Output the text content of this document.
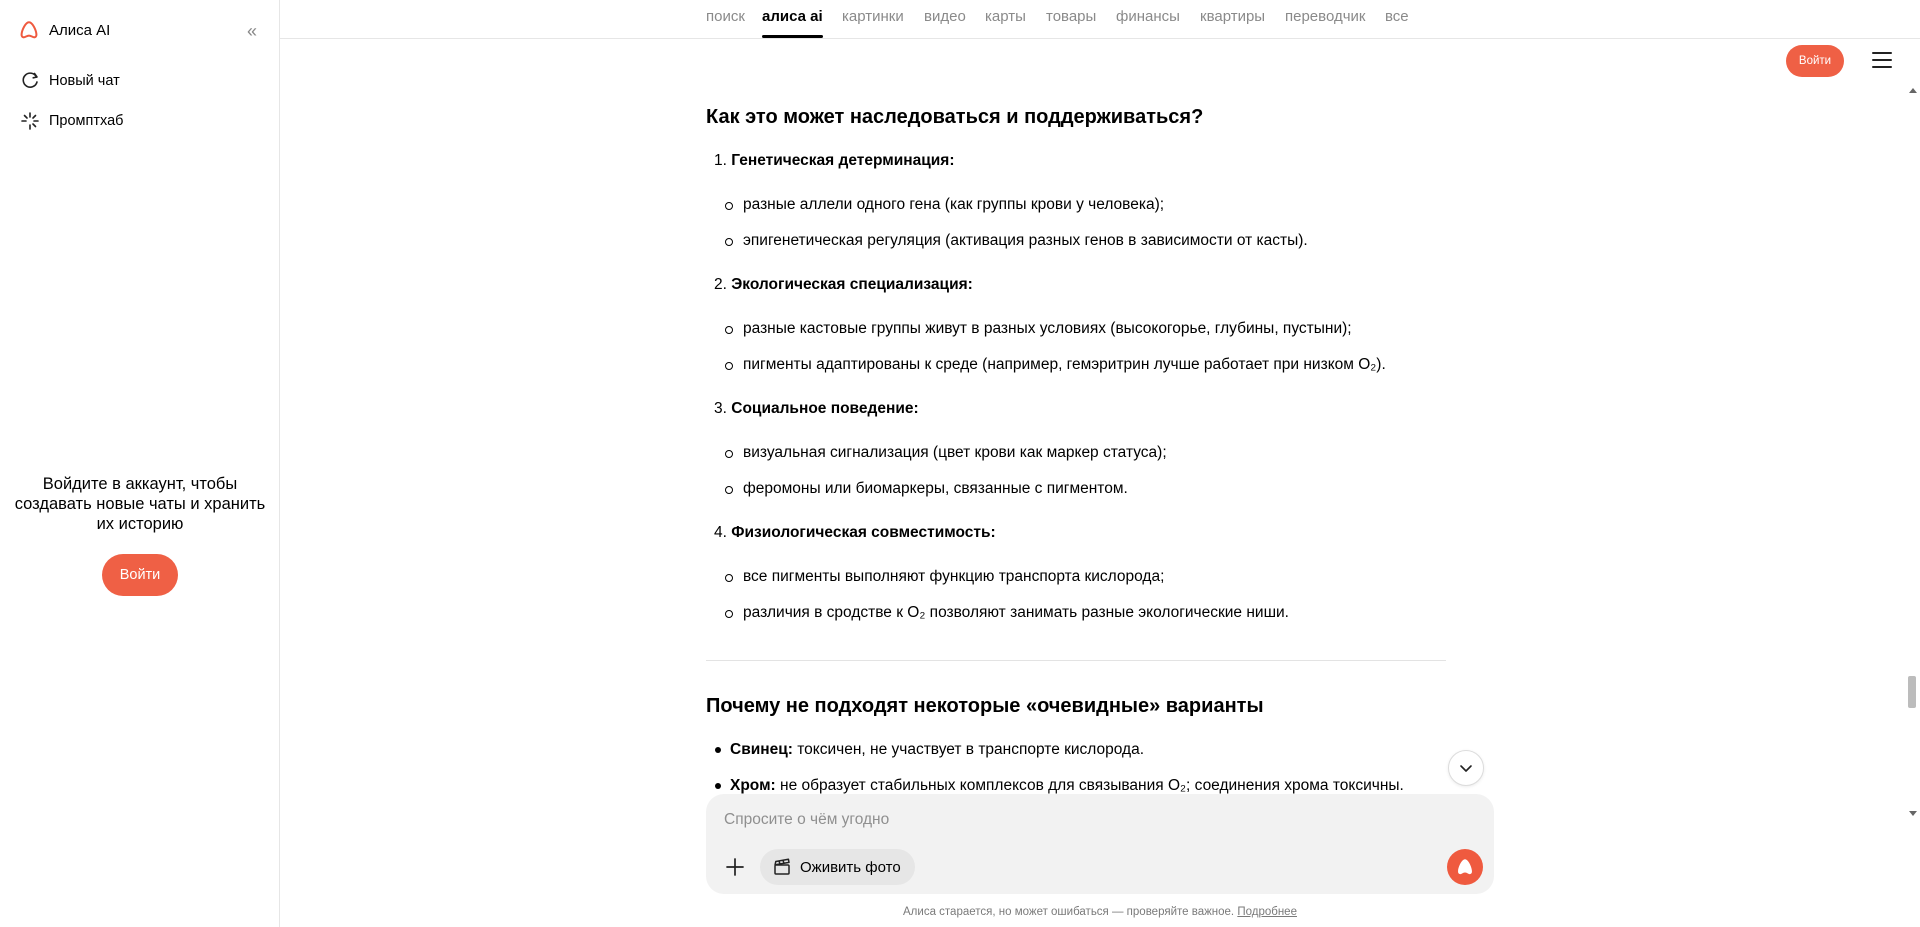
Алиса AI	«
Новый чат
Промптхаб
Войдите в аккаунт, чтобы создавать новые чаты и хранить их историю
Войти
поиск алиса ai картинки видео карты товары финансы квартиры переводчик все
Войти
Как это может наследоваться и поддерживаться?
1. Генетическая детерминация:
разные аллели одного гена (как группы крови у человека);
эпигенетическая регуляция (активация разных генов в зависимости от касты).
2. Экологическая специализация:
разные кастовые группы живут в разных условиях (высокогорье, глубины, пустыни);
пигменты адаптированы к среде (например, гемэритрин лучше работает при низком O₂).
3. Социальное поведение:
визуальная сигнализация (цвет крови как маркер статуса);
феромоны или биомаркеры, связанные с пигментом.
4. Физиологическая совместимость:
все пигменты выполняют функцию транспорта кислорода;
различия в сродстве к O₂ позволяют занимать разные экологические ниши.
Почему не подходят некоторые «очевидные» варианты
Свинец: токсичен, не участвует в транспорте кислорода.
Хром: не образует стабильных комплексов для связывания O₂; соединения хрома токсичны.
Спросите о чём угодно
Оживить фото
Алиса старается, но может ошибаться — проверяйте важное. Подробнее
